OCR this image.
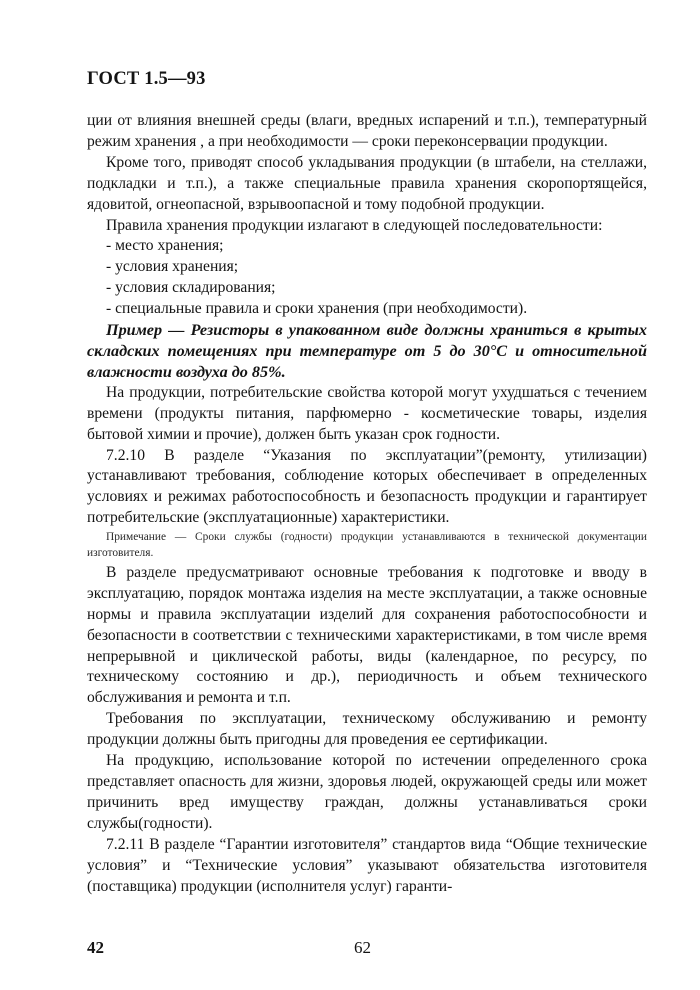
ГОСТ 1.5—93

ции от влияния внешней среды (влаги, вредных испарений и т.п.), температурный режим хранения , а при необходимости — сроки переконсервации продукции.

Кроме того, приводят способ укладывания продукции (в штабели, на стеллажи, подкладки и т.п.), а также специальные правила хранения скоропортящейся, ядовитой, огнеопасной, взрывоопасной и тому подобной продукции.

Правила хранения продукции излагают в следующей последовательности:

- место хранения;
- условия хранения;
- условия складирования;
- специальные правила и сроки хранения (при необходимости).

Пример — Резисторы в упакованном виде должны храниться в крытых складских помещениях при температуре от 5 до 30°С и относительной влажности воздуха до 85%.

На продукции, потребительские свойства которой могут ухудшаться с течением времени (продукты питания, парфюмерно - косметические товары, изделия бытовой химии и прочие), должен быть указан срок годности.

7.2.10 В разделе “Указания по эксплуатации”(ремонту, утилизации) устанавливают требования, соблюдение которых обеспечивает в определенных условиях и режимах работоспособность и безопасность продукции и гарантирует потребительские (эксплуатационные) характеристики.

Примечание — Сроки службы (годности) продукции устанавливаются в технической документации изготовителя.

В разделе предусматривают основные требования к подготовке и вводу в эксплуатацию, порядок монтажа изделия на месте эксплуатации, а также основные нормы и правила эксплуатации изделий для сохранения работоспособности и безопасности в соответствии с техническими характеристиками, в том числе время непрерывной и циклической работы, виды (календарное, по ресурсу, по техническому состоянию и др.), периодичность и объем технического обслуживания и ремонта и т.п.

Требования по эксплуатации, техническому обслуживанию и ремонту продукции должны быть пригодны для проведения ее сертификации.

На продукцию, использование которой по истечении определенного срока представляет опасность для жизни, здоровья людей, окружающей среды или может причинить вред имуществу граждан, должны устанавливаться сроки службы(годности).

7.2.11 В разделе “Гарантии изготовителя” стандартов вида “Общие технические условия” и “Технические условия” указывают обязательства изготовителя (поставщика) продукции (исполнителя услуг) гаранти-

42	62
